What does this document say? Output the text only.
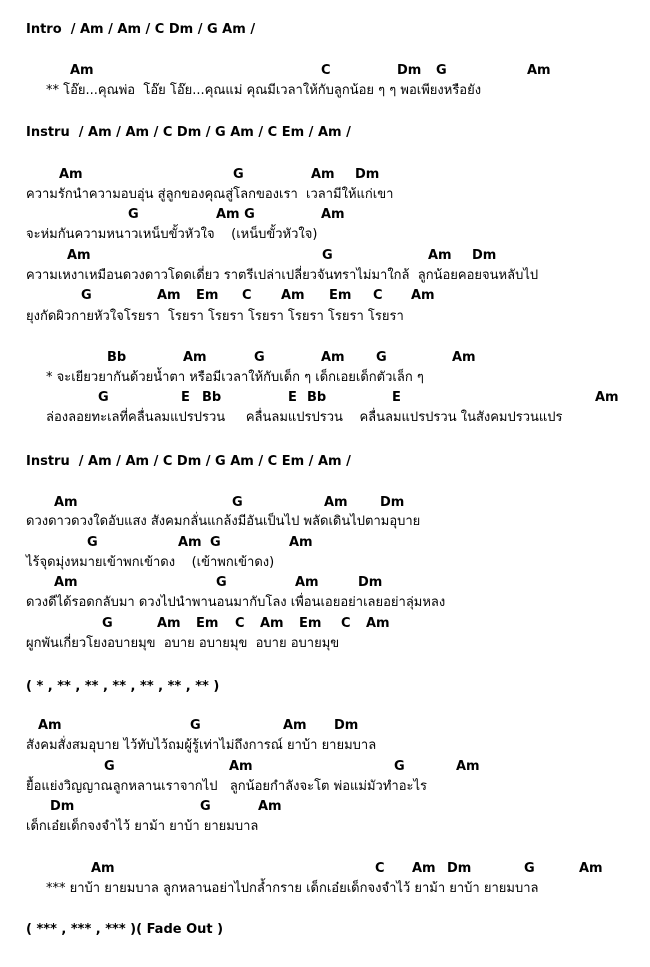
Intro  / Am / Am / C Dm / G Am /
Am	C	Dm G	Am
** โอ๊ย...คุณพ่อ  โอ๊ย โอ๊ย...คุณแม่ คุณมีเวลาให้กับลูกน้อย ๆ ๆ พอเพียงหรือยัง
Instru  / Am / Am / C Dm / G Am / C Em / Am /
Am	G	Am Dm
ความรักนำความอบอุ่น สู่ลูกของคุณสู่โลกของเรา  เวลามีให้แก่เขา
G	Am G	Am
จะห่มกันความหนาวเหน็บขั้วหัวใจ    (เหน็บขั้วหัวใจ)
Am	G	Am Dm
ความเหงาเหมือนดวงดาวโดดเดี่ยว ราตรีเปล่าเปลี่ยวจันทราไม่มาใกล้  ลูกน้อยคอยจนหลับไป
G	Am Em C Am Em C Am
ยุงกัดผิวกายหัวใจโรยรา  โรยรา โรยรา โรยรา โรยรา โรยรา โรยรา
Bb	Am	G	Am G	Am
* จะเยียวยากันด้วยน้ำตา หรือมีเวลาให้กับเด็ก ๆ เด็กเอยเด็กตัวเล็ก ๆ
G	E Bb	E Bb	E	Am
ล่องลอยทะเลที่คลื่นลมแปรปรวน     คลื่นลมแปรปรวน    คลื่นลมแปรปรวน ในสังคมปรวนแปร
Instru  / Am / Am / C Dm / G Am / C Em / Am /
Am	G	Am Dm
ดวงดาวดวงใดอับแสง สังคมกลั่นแกล้งมีอันเป็นไป พลัดเดินไปตามอุบาย
G	Am G	Am
ไร้จุดมุ่งหมายเข้าพกเข้าดง    (เข้าพกเข้าดง)
Am	G	Am	Dm
ดวงดีได้รอดกลับมา ดวงไปนำพานอนมากับโลง เพื่อนเอยอย่าเลยอย่าลุ่มหลง
G	Am Em C Am Em C Am
ผูกพันเกี่ยวโยงอบายมุข  อบาย อบายมุข  อบาย อบายมุข
( * , ** , ** , ** , ** , ** , ** )
Am	G	Am Dm
สังคมสั่งสมอุบาย ไว้ทับไว้ถมผู้รู้เท่าไม่ถึงการณ์ ยาบ้า ยายมบาล
G	Am	G	Am
ยื้อแย่งวิญญาณลูกหลานเราจากไป   ลูกน้อยกำลังจะโต พ่อแม่มัวทำอะไร
Dm	G	Am
เด็กเอ๋ยเด็กจงจำไว้ ยาม้า ยาบ้า ยายมบาล
Am	C Am Dm	G	Am
*** ยาบ้า ยายมบาล ลูกหลานอย่าไปกล้ำกราย เด็กเอ๋ยเด็กจงจำไว้ ยาม้า ยาบ้า ยายมบาล
( *** , *** , *** )( Fade Out )
